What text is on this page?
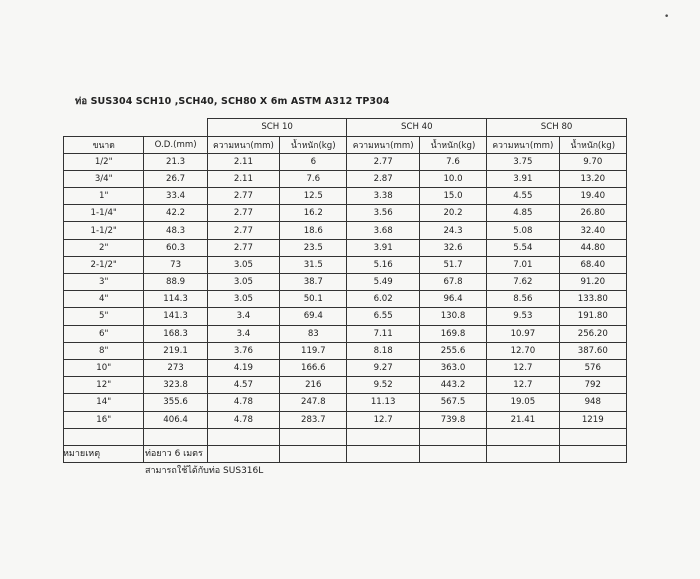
•
ท่อ SUS304 SCH10 ,SCH40, SCH80 X 6m ASTM A312 TP304
		SCH 10		SCH 40		SCH 80	
ขนาด	O.D.(mm)	ความหนา(mm)	น้ำหนัก(kg)	ความหนา(mm)	น้ำหนัก(kg)	ความหนา(mm)	น้ำหนัก(kg)
1/2"	21.3	2.11	6	2.77	7.6	3.75	9.70
3/4"	26.7	2.11	7.6	2.87	10.0	3.91	13.20
1"	33.4	2.77	12.5	3.38	15.0	4.55	19.40
1-1/4"	42.2	2.77	16.2	3.56	20.2	4.85	26.80
1-1/2"	48.3	2.77	18.6	3.68	24.3	5.08	32.40
2"	60.3	2.77	23.5	3.91	32.6	5.54	44.80
2-1/2"	73	3.05	31.5	5.16	51.7	7.01	68.40
3"	88.9	3.05	38.7	5.49	67.8	7.62	91.20
4"	114.3	3.05	50.1	6.02	96.4	8.56	133.80
5"	141.3	3.4	69.4	6.55	130.8	9.53	191.80
6"	168.3	3.4	83	7.11	169.8	10.97	256.20
8"	219.1	3.76	119.7	8.18	255.6	12.70	387.60
10"	273	4.19	166.6	9.27	363.0	12.7	576
12"	323.8	4.57	216	9.52	443.2	12.7	792
14"	355.6	4.78	247.8	11.13	567.5	19.05	948
16"	406.4	4.78	283.7	12.7	739.8	21.41	1219

หมายเหตุ	ท่อยาว 6 เมตร
สามารถใช้ได้กับท่อ SUS316L
